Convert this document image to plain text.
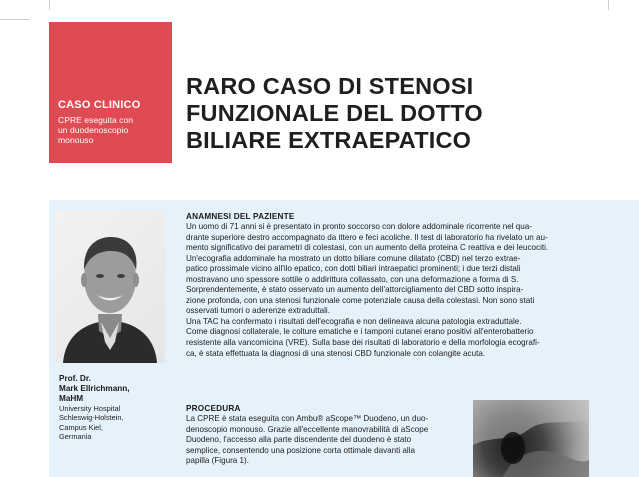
CASO CLINICO
CPRE eseguita con
un duodenoscopio
monouso
RARO CASO DI STENOSI
FUNZIONALE DEL DOTTO
BILIARE EXTRAEPATICO
Prof. Dr.
Mark Ellrichmann,
MaHM
University Hospital
Schleswig-Holstein,
Campus Kiel,
Germania
ANAMNESI DEL PAZIENTE

Un uomo di 71 anni si è presentato in pronto soccorso con dolore addominale ricorrente nel qua-
drante superiore destro accompagnato da ittero e feci acoliche. Il test di laboratorio ha rivelato un au-
mento significativo dei parametri di colestasi, con un aumento della proteina C reattiva e dei leucociti.
Un'ecografia addominale ha mostrato un dotto biliare comune dilatato (CBD) nel terzo extrae-
patico prossimale vicino all'ilo epatico, con dotti biliari intraepatici prominenti; i due terzi distali
mostravano uno spessore sottile o addirittura collassato, con una deformazione a forma di S.
Sorprendentemente, è stato osservato un aumento dell'attorcigliamento del CBD sotto inspira-
zione profonda, con una stenosi funzionale come potenziale causa della colestasi. Non sono stati
osservati tumori o aderenze extraduttali.
Una TAC ha confermato i risultati dell'ecografia e non delineava alcuna patologia extraduttale.
Come diagnosi collaterale, le colture ematiche e i tamponi cutanei erano positivi all'enterobatterio
resistente alla vancomicina (VRE). Sulla base dei risultati di laboratorio e della morfologia ecografi-
ca, è stata effettuata la diagnosi di una stenosi CBD funzionale con colangite acuta.

PROCEDURA

La CPRE è stata eseguita con Ambu® aScope™ Duodeno, un duo-
denoscopio monouso. Grazie all'eccellente manovrabilità di aScope
Duodeno, l'accesso alla parte discendente del duodeno è stato
semplice, consentendo una posizione corta ottimale davanti alla
papilla (Figura 1).
